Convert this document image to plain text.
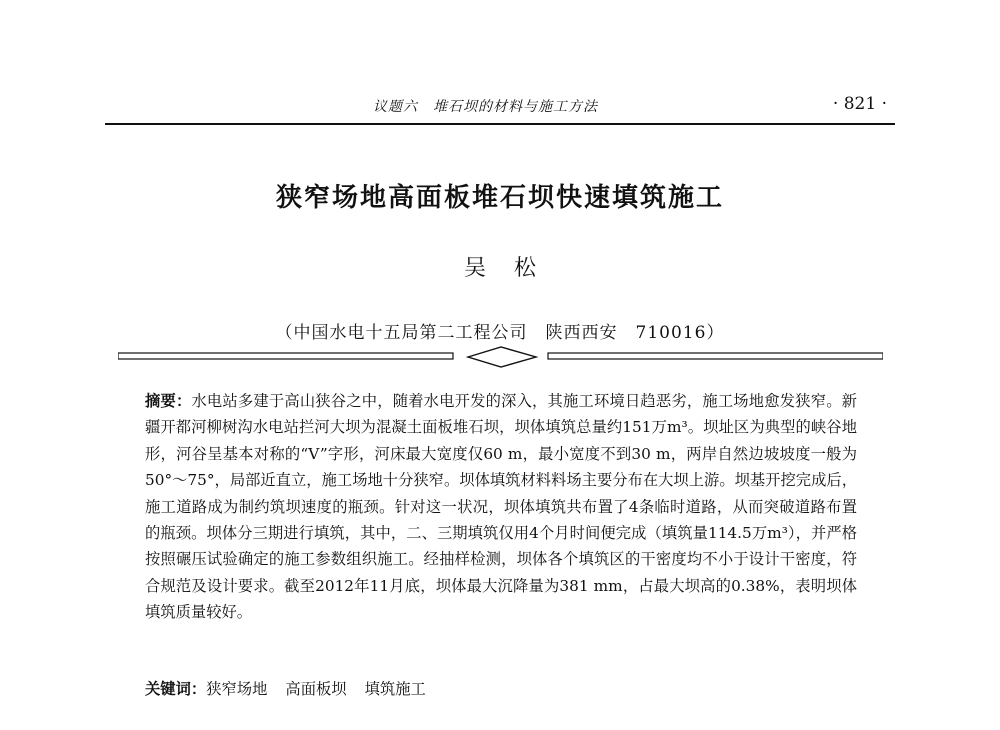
议题六　堆石坝的材料与施工方法	· 821 ·
狭窄场地高面板堆石坝快速填筑施工
吴松
（中国水电十五局第二工程公司　陕西西安　710016）
摘要：水电站多建于高山狭谷之中，随着水电开发的深入，其施工环境日趋恶劣，施工场地愈发狭窄。新疆开都河柳树沟水电站拦河大坝为混凝土面板堆石坝，坝体填筑总量约151万m³。坝址区为典型的峡谷地形，河谷呈基本对称的“V”字形，河床最大宽度仅60 m，最小宽度不到30 m，两岸自然边坡坡度一般为50°～75°，局部近直立，施工场地十分狭窄。坝体填筑材料料场主要分布在大坝上游。坝基开挖完成后，施工道路成为制约筑坝速度的瓶颈。针对这一状况，坝体填筑共布置了4条临时道路，从而突破道路布置的瓶颈。坝体分三期进行填筑，其中，二、三期填筑仅用4个月时间便完成（填筑量114.5万m³），并严格按照碾压试验确定的施工参数组织施工。经抽样检测，坝体各个填筑区的干密度均不小于设计干密度，符合规范及设计要求。截至2012年11月底，坝体最大沉降量为381 mm，占最大坝高的0.38%，表明坝体填筑质量较好。
关键词：狭窄场地 高面板坝 填筑施工
